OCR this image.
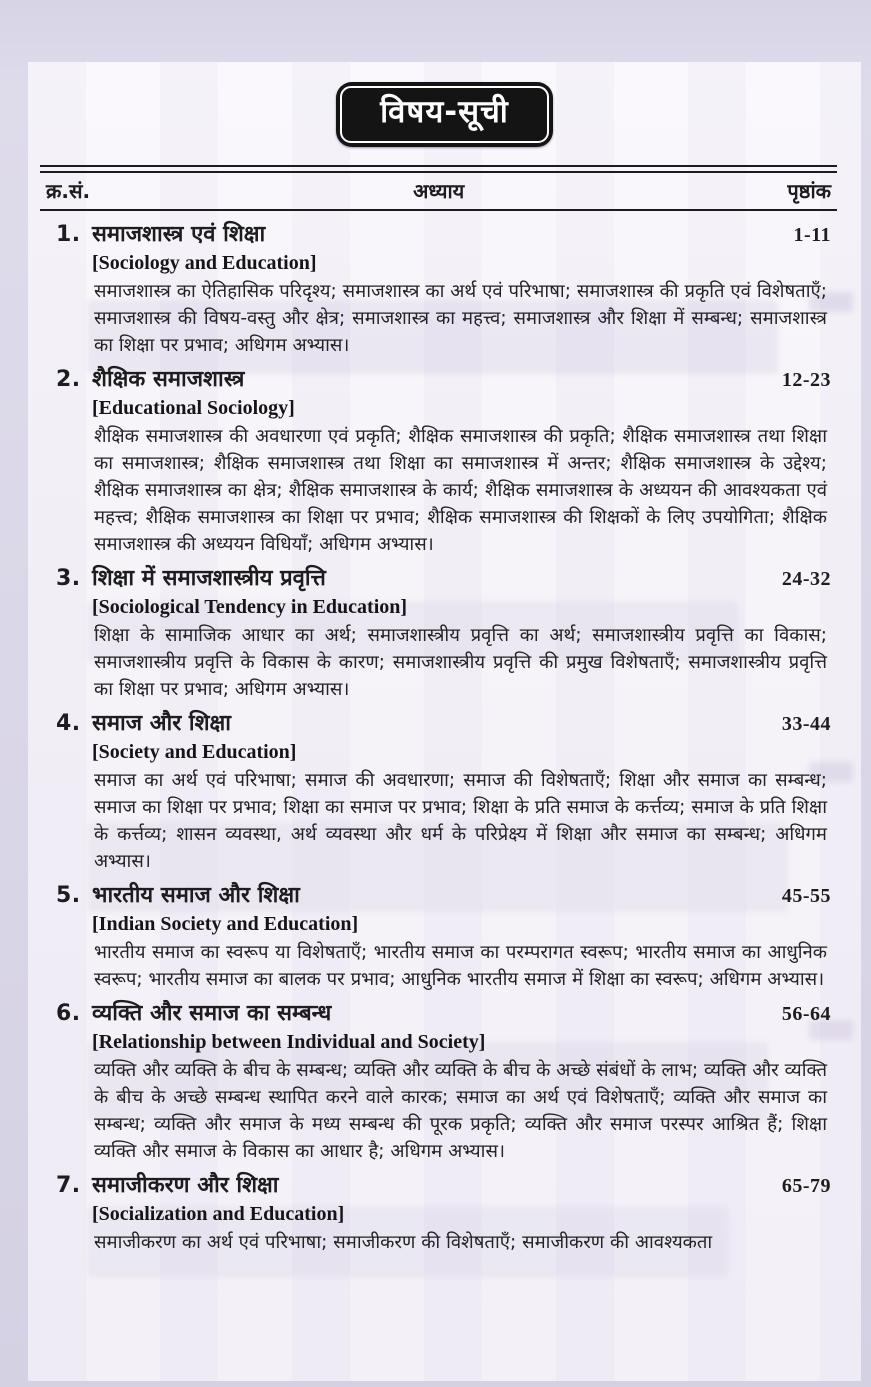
विषय-सूची
क्र.सं.	अध्याय	पृष्ठांक
1. समाजशास्त्र एवं शिक्षा	1-11
[Sociology and Education]
समाजशास्त्र का ऐतिहासिक परिदृश्य; समाजशास्त्र का अर्थ एवं परिभाषा; समाजशास्त्र की प्रकृति एवं विशेषताएँ; समाजशास्त्र की विषय-वस्तु और क्षेत्र; समाजशास्त्र का महत्त्व; समाजशास्त्र और शिक्षा में सम्बन्ध; समाजशास्त्र का शिक्षा पर प्रभाव; अधिगम अभ्यास।
2. शैक्षिक समाजशास्त्र	12-23
[Educational Sociology]
शैक्षिक समाजशास्त्र की अवधारणा एवं प्रकृति; शैक्षिक समाजशास्त्र की प्रकृति; शैक्षिक समाजशास्त्र तथा शिक्षा का समाजशास्त्र; शैक्षिक समाजशास्त्र तथा शिक्षा का समाजशास्त्र में अन्तर; शैक्षिक समाजशास्त्र के उद्देश्य; शैक्षिक समाजशास्त्र का क्षेत्र; शैक्षिक समाजशास्त्र के कार्य; शैक्षिक समाजशास्त्र के अध्ययन की आवश्यकता एवं महत्त्व; शैक्षिक समाजशास्त्र का शिक्षा पर प्रभाव; शैक्षिक समाजशास्त्र की शिक्षकों के लिए उपयोगिता; शैक्षिक समाजशास्त्र की अध्ययन विधियाँ; अधिगम अभ्यास।
3. शिक्षा में समाजशास्त्रीय प्रवृत्ति	24-32
[Sociological Tendency in Education]
शिक्षा के सामाजिक आधार का अर्थ; समाजशास्त्रीय प्रवृत्ति का अर्थ; समाजशास्त्रीय प्रवृत्ति का विकास; समाजशास्त्रीय प्रवृत्ति के विकास के कारण; समाजशास्त्रीय प्रवृत्ति की प्रमुख विशेषताएँ; समाजशास्त्रीय प्रवृत्ति का शिक्षा पर प्रभाव; अधिगम अभ्यास।
4. समाज और शिक्षा	33-44
[Society and Education]
समाज का अर्थ एवं परिभाषा; समाज की अवधारणा; समाज की विशेषताएँ; शिक्षा और समाज का सम्बन्ध; समाज का शिक्षा पर प्रभाव; शिक्षा का समाज पर प्रभाव; शिक्षा के प्रति समाज के कर्त्तव्य; समाज के प्रति शिक्षा के कर्त्तव्य; शासन व्यवस्था, अर्थ व्यवस्था और धर्म के परिप्रेक्ष्य में शिक्षा और समाज का सम्बन्ध; अधिगम अभ्यास।
5. भारतीय समाज और शिक्षा	45-55
[Indian Society and Education]
भारतीय समाज का स्वरूप या विशेषताएँ; भारतीय समाज का परम्परागत स्वरूप; भारतीय समाज का आधुनिक स्वरूप; भारतीय समाज का बालक पर प्रभाव; आधुनिक भारतीय समाज में शिक्षा का स्वरूप; अधिगम अभ्यास।
6. व्यक्ति और समाज का सम्बन्ध	56-64
[Relationship between Individual and Society]
व्यक्ति और व्यक्ति के बीच के सम्बन्ध; व्यक्ति और व्यक्ति के बीच के अच्छे संबंधों के लाभ; व्यक्ति और व्यक्ति के बीच के अच्छे सम्बन्ध स्थापित करने वाले कारक; समाज का अर्थ एवं विशेषताएँ; व्यक्ति और समाज का सम्बन्ध; व्यक्ति और समाज के मध्य सम्बन्ध की पूरक प्रकृति; व्यक्ति और समाज परस्पर आश्रित हैं; शिक्षा व्यक्ति और समाज के विकास का आधार है; अधिगम अभ्यास।
7. समाजीकरण और शिक्षा	65-79
[Socialization and Education]
समाजीकरण का अर्थ एवं परिभाषा; समाजीकरण की विशेषताएँ; समाजीकरण की आवश्यकता
